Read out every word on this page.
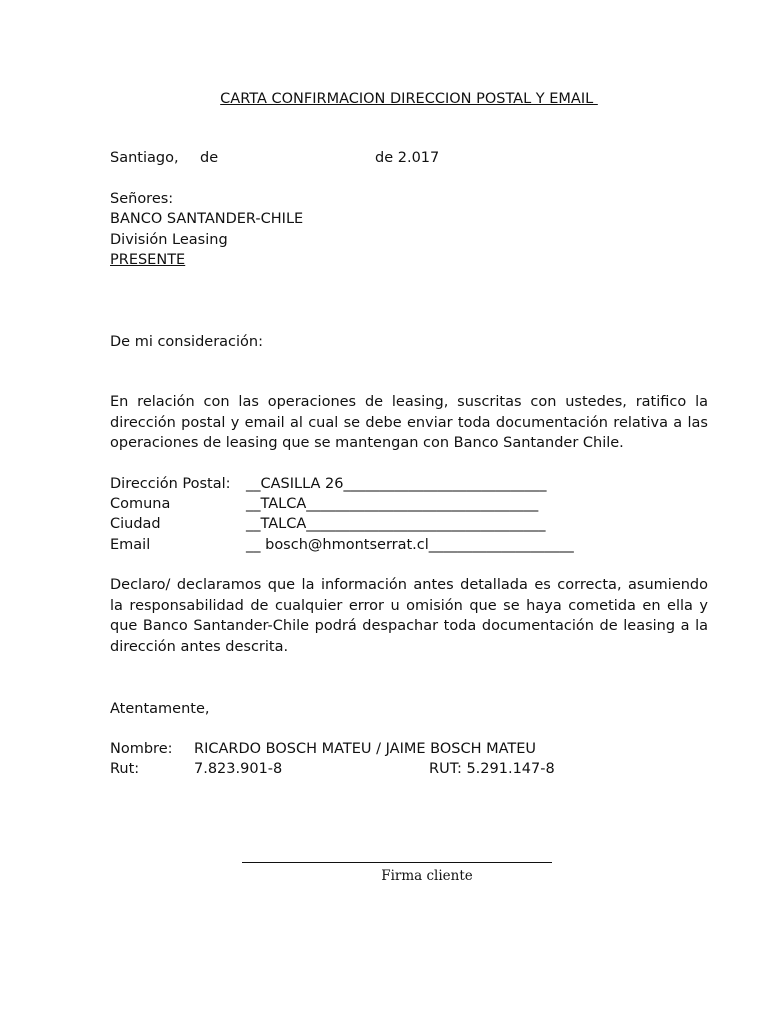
CARTA CONFIRMACION DIRECCION POSTAL Y EMAIL
Santiago, de	de 2.017
Señores:
BANCO SANTANDER-CHILE
División Leasing
PRESENTE
De mi consideración:
En relación con las operaciones de leasing, suscritas con ustedes, ratifico la dirección postal y email al cual se debe enviar toda documentación relativa a las operaciones de leasing que se mantengan con Banco Santander Chile.
Dirección Postal: __CASILLA 26____________________________
Comuna	__TALCA________________________________
Ciudad	__TALCA_________________________________
Email	__ bosch@hmontserrat.cl____________________
Declaro/ declaramos que la información antes detallada es correcta, asumiendo la responsabilidad de cualquier error u omisión que se haya cometida en ella y que Banco Santander-Chile podrá despachar toda documentación de leasing a la dirección antes descrita.
Atentamente,
Nombre: RICARDO BOSCH MATEU / JAIME BOSCH MATEU
Rut:	7.823.901-8	RUT: 5.291.147-8
Firma cliente
